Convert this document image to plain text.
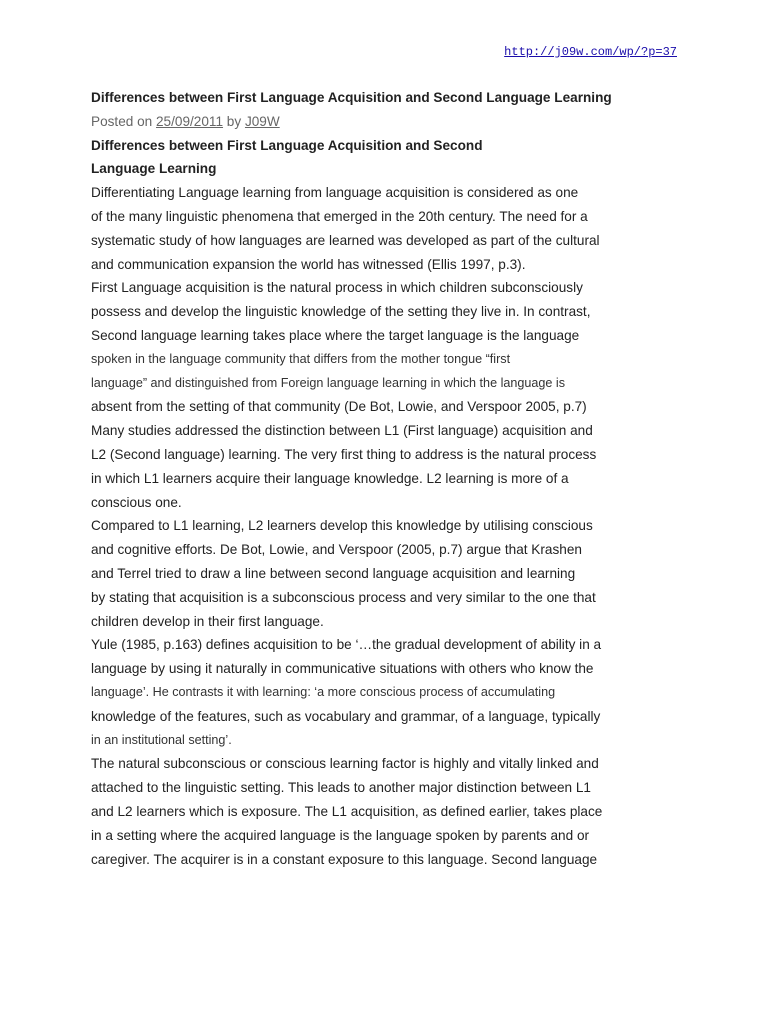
http://j09w.com/wp/?p=37

Differences between First Language Acquisition and Second Language Learning

Posted on 25/09/2011 by J09W

Differences between First Language Acquisition and Second
Language Learning

Differentiating Language learning from language acquisition is considered as one
of the many linguistic phenomena that emerged in the 20th century. The need for a
systematic study of how languages are learned was developed as part of the cultural
and communication expansion the world has witnessed (Ellis 1997, p.3).

First Language acquisition is the natural process in which children subconsciously
possess and develop the linguistic knowledge of the setting they live in. In contrast,
Second language learning takes place where the target language is the language
spoken in the language community that differs from the mother tongue “first
language” and distinguished from Foreign language learning in which the language is
absent from the setting of that community (De Bot, Lowie, and Verspoor 2005, p.7)

Many studies addressed the distinction between L1 (First language) acquisition and
L2 (Second language) learning. The very first thing to address is the natural process
in which L1 learners acquire their language knowledge. L2 learning is more of a
conscious one.

Compared to L1 learning, L2 learners develop this knowledge by utilising conscious
and cognitive efforts. De Bot, Lowie, and Verspoor (2005, p.7) argue that Krashen
and Terrel tried to draw a line between second language acquisition and learning
by stating that acquisition is a subconscious process and very similar to the one that
children develop in their first language.

Yule (1985, p.163) defines acquisition to be ‘…the gradual development of ability in a
language by using it naturally in communicative situations with others who know the
language’. He contrasts it with learning: ‘a more conscious process of accumulating
knowledge of the features, such as vocabulary and grammar, of a language, typically
in an institutional setting’.

The natural subconscious or conscious learning factor is highly and vitally linked and
attached to the linguistic setting. This leads to another major distinction between L1
and L2 learners which is exposure. The L1 acquisition, as defined earlier, takes place
in a setting where the acquired language is the language spoken by parents and or
caregiver. The acquirer is in a constant exposure to this language. Second language
